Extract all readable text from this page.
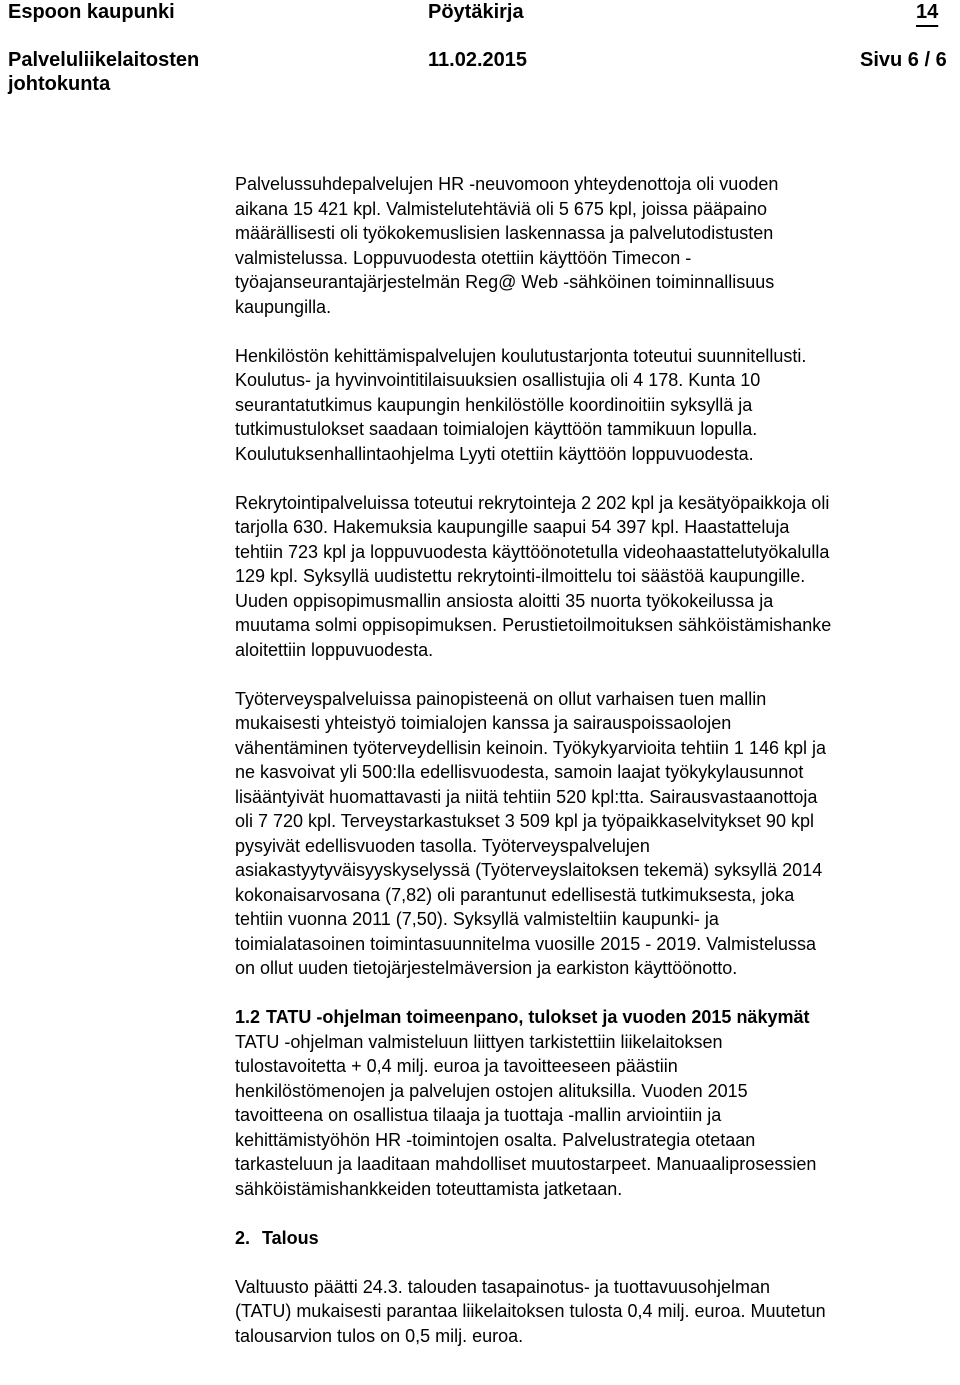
Espoon kaupunki	Pöytäkirja	14
Palveluliikelaitosten
johtokunta
11.02.2015	Sivu 6 / 6

Palvelussuhdepalvelujen HR -neuvomoon yhteydenottoja oli vuoden
aikana 15 421 kpl. Valmistelutehtäviä oli 5 675 kpl, joissa pääpaino
määrällisesti oli työkokemuslisien laskennassa ja palvelutodistusten
valmistelussa. Loppuvuodesta otettiin käyttöön Timecon -
työajanseurantajärjestelmän Reg@ Web -sähköinen toiminnallisuus
kaupungilla.

Henkilöstön kehittämispalvelujen koulutustarjonta toteutui suunnitellusti.
Koulutus- ja hyvinvointitilaisuuksien osallistujia oli 4 178. Kunta 10
seurantatutkimus kaupungin henkilöstölle koordinoitiin syksyllä ja
tutkimustulokset saadaan toimialojen käyttöön tammikuun lopulla.
Koulutuksenhallintaohjelma Lyyti otettiin käyttöön loppuvuodesta.

Rekrytointipalveluissa toteutui rekrytointeja 2 202 kpl ja kesätyöpaikkoja oli
tarjolla 630. Hakemuksia kaupungille saapui 54 397 kpl. Haastatteluja
tehtiin 723 kpl ja loppuvuodesta käyttöönotetulla videohaastattelutyökalulla
129 kpl. Syksyllä uudistettu rekrytointi-ilmoittelu toi säästöä kaupungille.
Uuden oppisopimusmallin ansiosta aloitti 35 nuorta työkokeilussa ja
muutama solmi oppisopimuksen. Perustietoilmoituksen sähköistämishanke
aloitettiin loppuvuodesta.

Työterveyspalveluissa painopisteenä on ollut varhaisen tuen mallin
mukaisesti yhteistyö toimialojen kanssa ja sairauspoissaolojen
vähentäminen työterveydellisin keinoin. Työkykyarvioita tehtiin 1 146 kpl ja
ne kasvoivat yli 500:lla edellisvuodesta, samoin laajat työkykylausunnot
lisääntyivät huomattavasti ja niitä tehtiin 520 kpl:tta. Sairausvastaanottoja
oli 7 720 kpl. Terveystarkastukset 3 509 kpl ja työpaikkaselvitykset 90 kpl
pysyivät edellisvuoden tasolla. Työterveyspalvelujen
asiakastyytyväisyyskyselyssä (Työterveyslaitoksen tekemä) syksyllä 2014
kokonaisarvosana (7,82) oli parantunut edellisestä tutkimuksesta, joka
tehtiin vuonna 2011 (7,50). Syksyllä valmisteltiin kaupunki- ja
toimialatasoinen toimintasuunnitelma vuosille 2015 - 2019. Valmistelussa
on ollut uuden tietojärjestelmäversion ja earkiston käyttöönotto.

1.2 TATU -ohjelman toimeenpano, tulokset ja vuoden 2015 näkymät

TATU -ohjelman valmisteluun liittyen tarkistettiin liikelaitoksen
tulostavoitetta + 0,4 milj. euroa ja tavoitteeseen päästiin
henkilöstömenojen ja palvelujen ostojen alituksilla. Vuoden 2015
tavoitteena on osallistua tilaaja ja tuottaja -mallin arviointiin ja
kehittämistyöhön HR -toimintojen osalta. Palvelustrategia otetaan
tarkasteluun ja laaditaan mahdolliset muutostarpeet. Manuaaliprosessien
sähköistämishankkeiden toteuttamista jatketaan.

2. Talous

Valtuusto päätti 24.3. talouden tasapainotus- ja tuottavuusohjelman
(TATU) mukaisesti parantaa liikelaitoksen tulosta 0,4 milj. euroa. Muutetun
talousarvion tulos on 0,5 milj. euroa.
